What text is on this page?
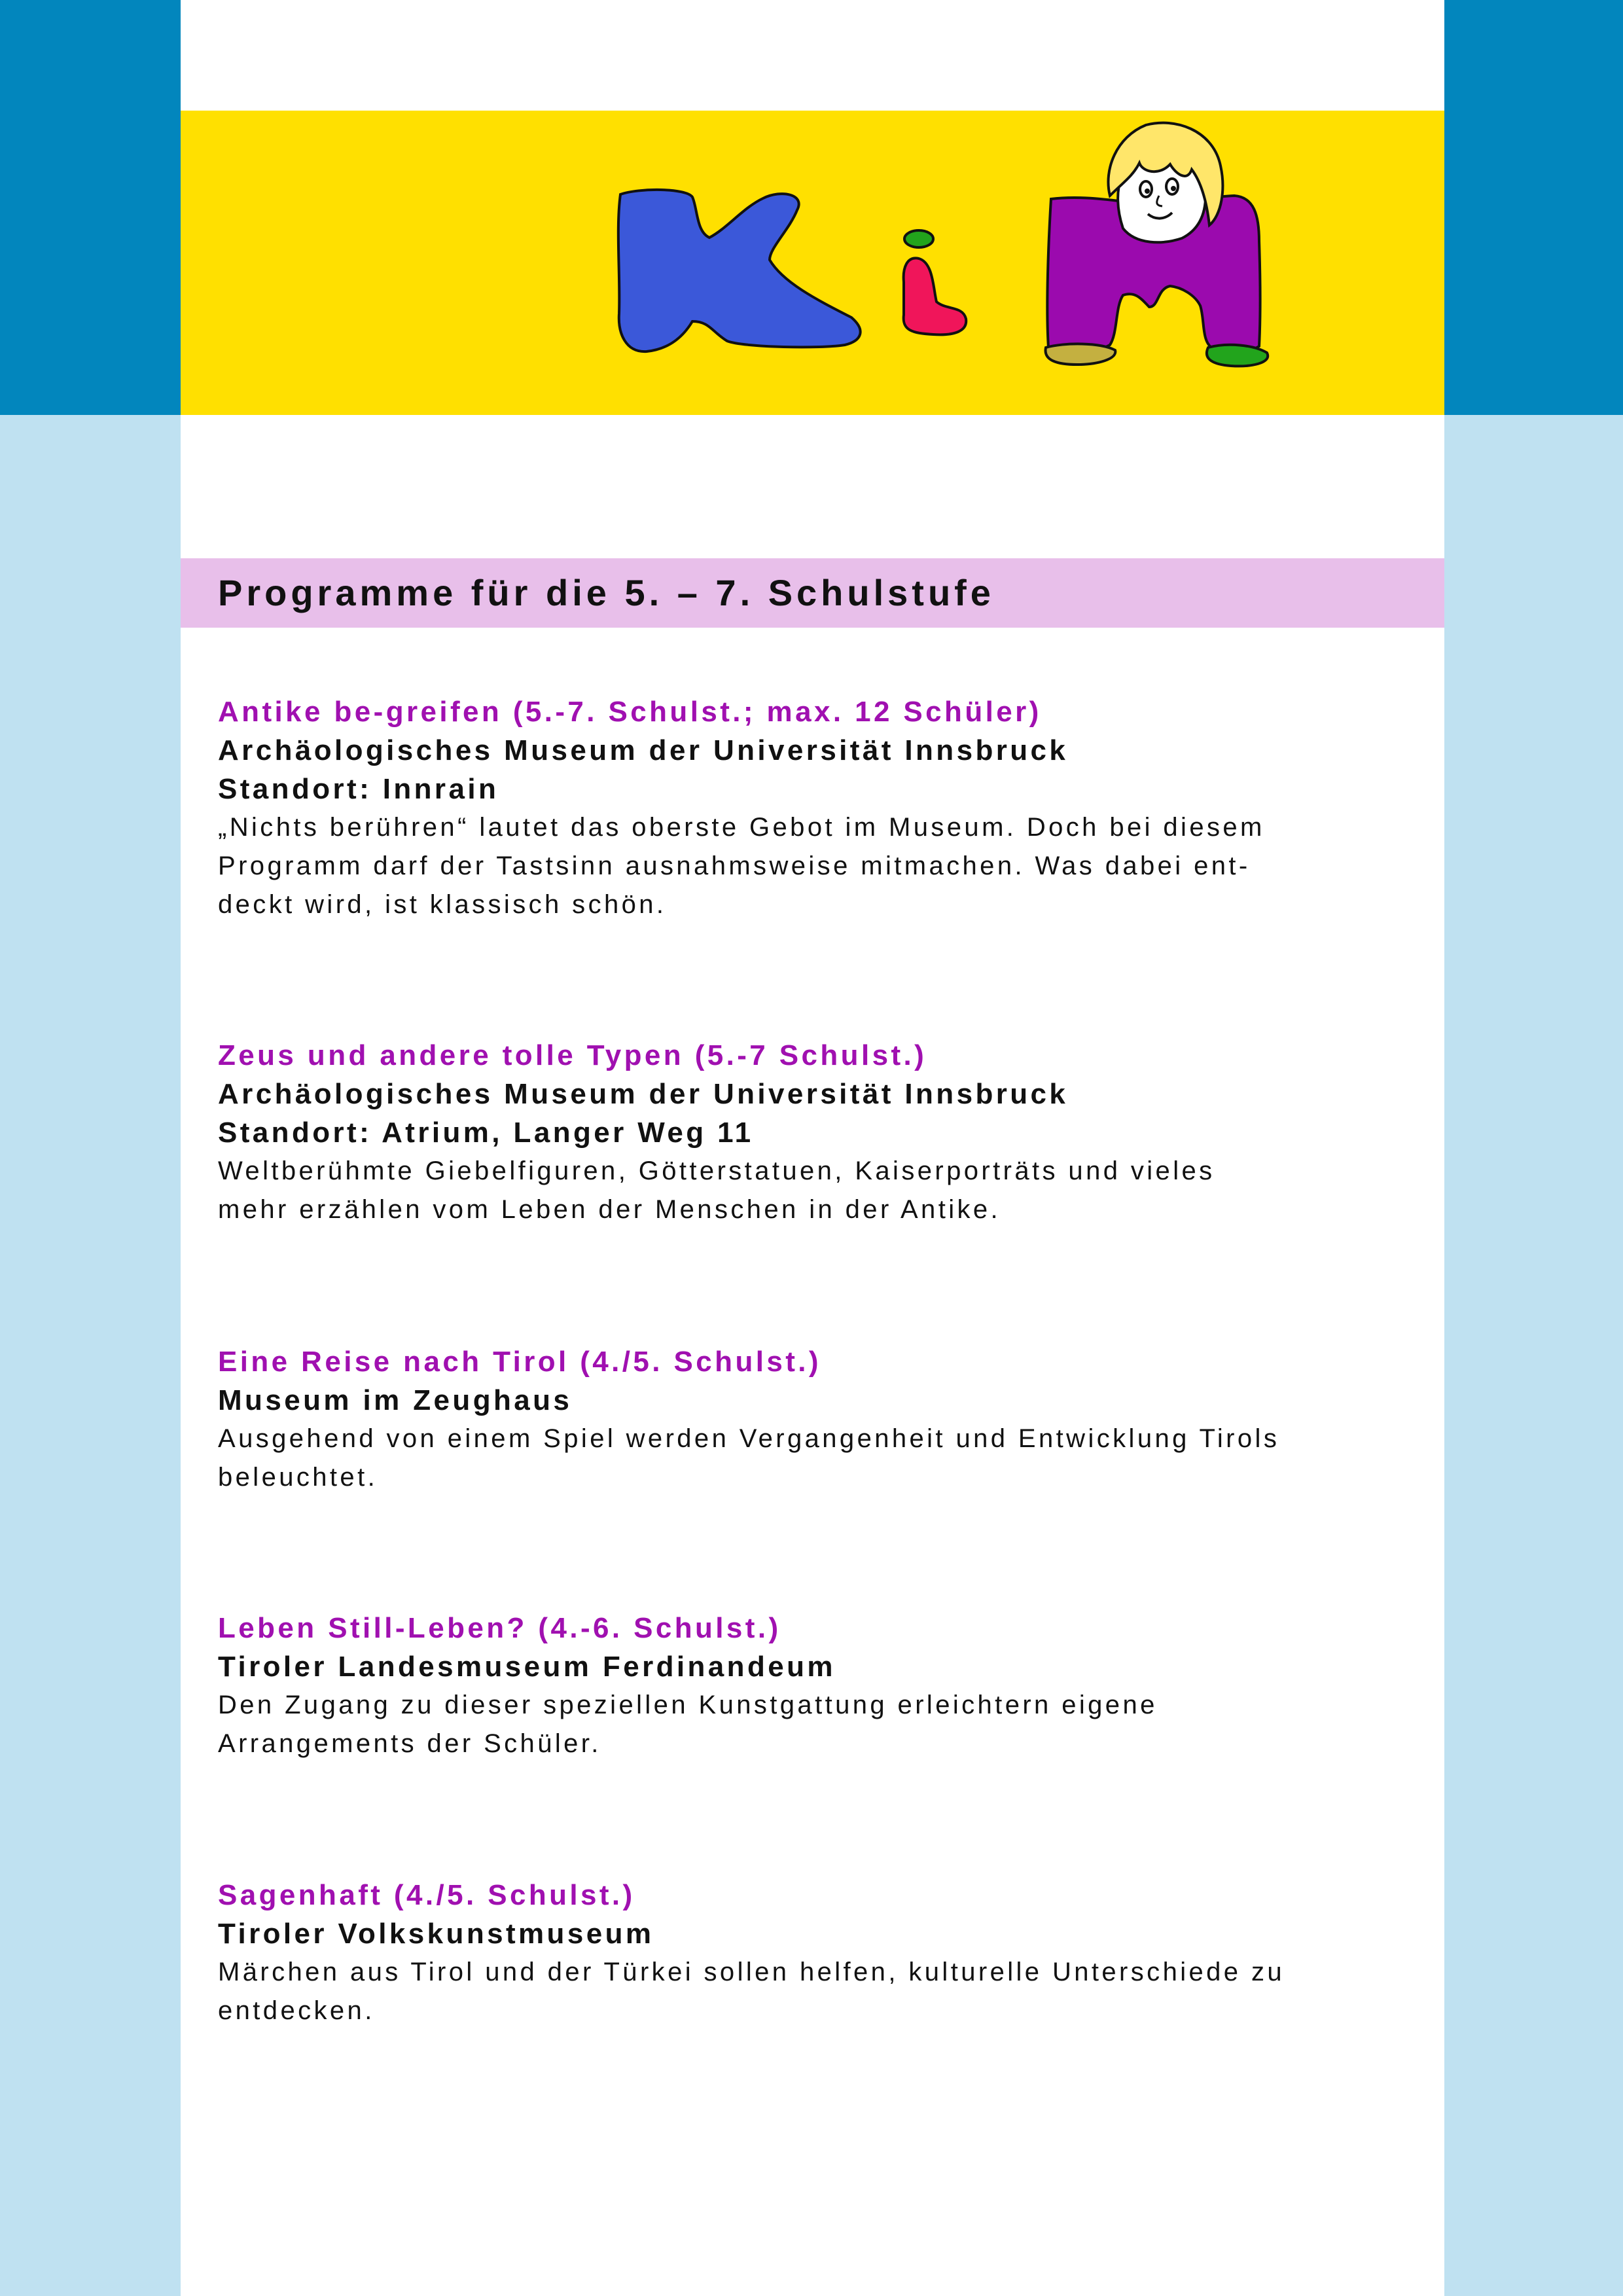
Programme für die 5. – 7. Schulstufe
Antike be-greifen (5.-7. Schulst.; max. 12 Schüler)
Archäologisches Museum der Universität Innsbruck
Standort: Innrain

„Nichts berühren“ lautet das oberste Gebot im Museum. Doch bei diesem
Programm darf der Tastsinn ausnahmsweise mitmachen. Was dabei ent-
deckt wird, ist klassisch schön.

Zeus und andere tolle Typen (5.-7 Schulst.)
Archäologisches Museum der Universität Innsbruck
Standort: Atrium, Langer Weg 11

Weltberühmte Giebelfiguren, Götterstatuen, Kaiserporträts und vieles
mehr erzählen vom Leben der Menschen in der Antike.

Eine Reise nach Tirol (4./5. Schulst.)
Museum im Zeughaus

Ausgehend von einem Spiel werden Vergangenheit und Entwicklung Tirols
beleuchtet.

Leben Still-Leben? (4.-6. Schulst.)
Tiroler Landesmuseum Ferdinandeum

Den Zugang zu dieser speziellen Kunstgattung erleichtern eigene
Arrangements der Schüler.

Sagenhaft (4./5. Schulst.)
Tiroler Volkskunstmuseum

Märchen aus Tirol und der Türkei sollen helfen, kulturelle Unterschiede zu
entdecken.
